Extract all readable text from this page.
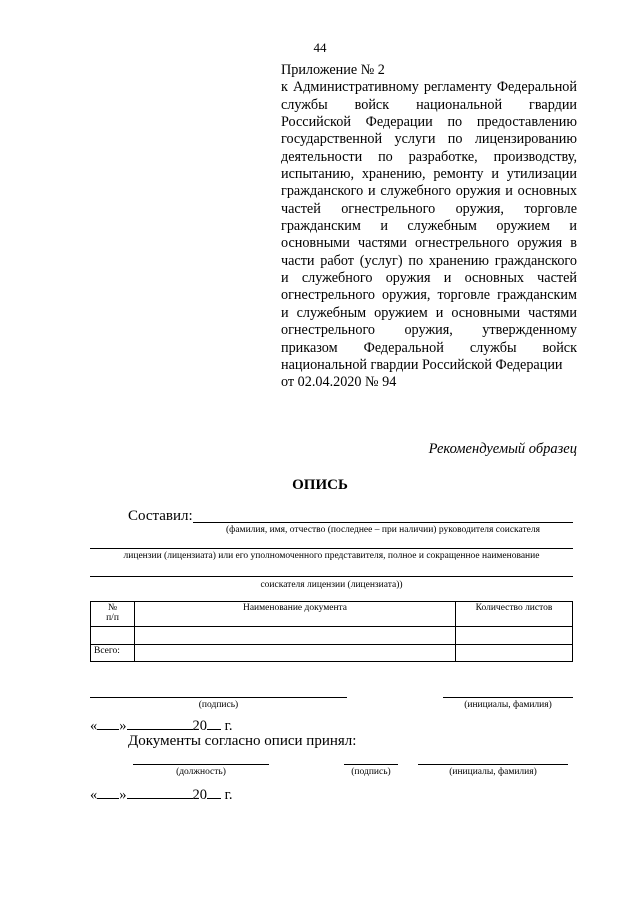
44
Приложение № 2
к Административному регламенту Федеральной службы войск национальной гвардии Российской Федерации по предоставлению государственной услуги по лицензированию деятельности по разработке, производству, испытанию, хранению, ремонту и утилизации гражданского и служебного оружия и основных частей огнестрельного оружия, торговле гражданским и служебным оружием и основными частями огнестрельного оружия в части работ (услуг) по хранению гражданского и служебного оружия и основных частей огнестрельного оружия, торговле гражданским и служебным оружием и основными частями огнестрельного оружия, утвержденному приказом Федеральной службы войск национальной гвардии Российской Федерации
от 02.04.2020 № 94
Рекомендуемый образец
ОПИСЬ
Составил:
(фамилия, имя, отчество (последнее – при наличии) руководителя соискателя
лицензии (лицензиата) или его уполномоченного представителя, полное и сокращенное наименование
соискателя лицензии (лицензиата))
№
п/п	Наименование документа	Количество листов

Всего:		
(подпись)	(инициалы, фамилия)
« »	20 г.
Документы согласно описи принял:
(должность)	(подпись)	(инициалы, фамилия)
« »	20 г.
